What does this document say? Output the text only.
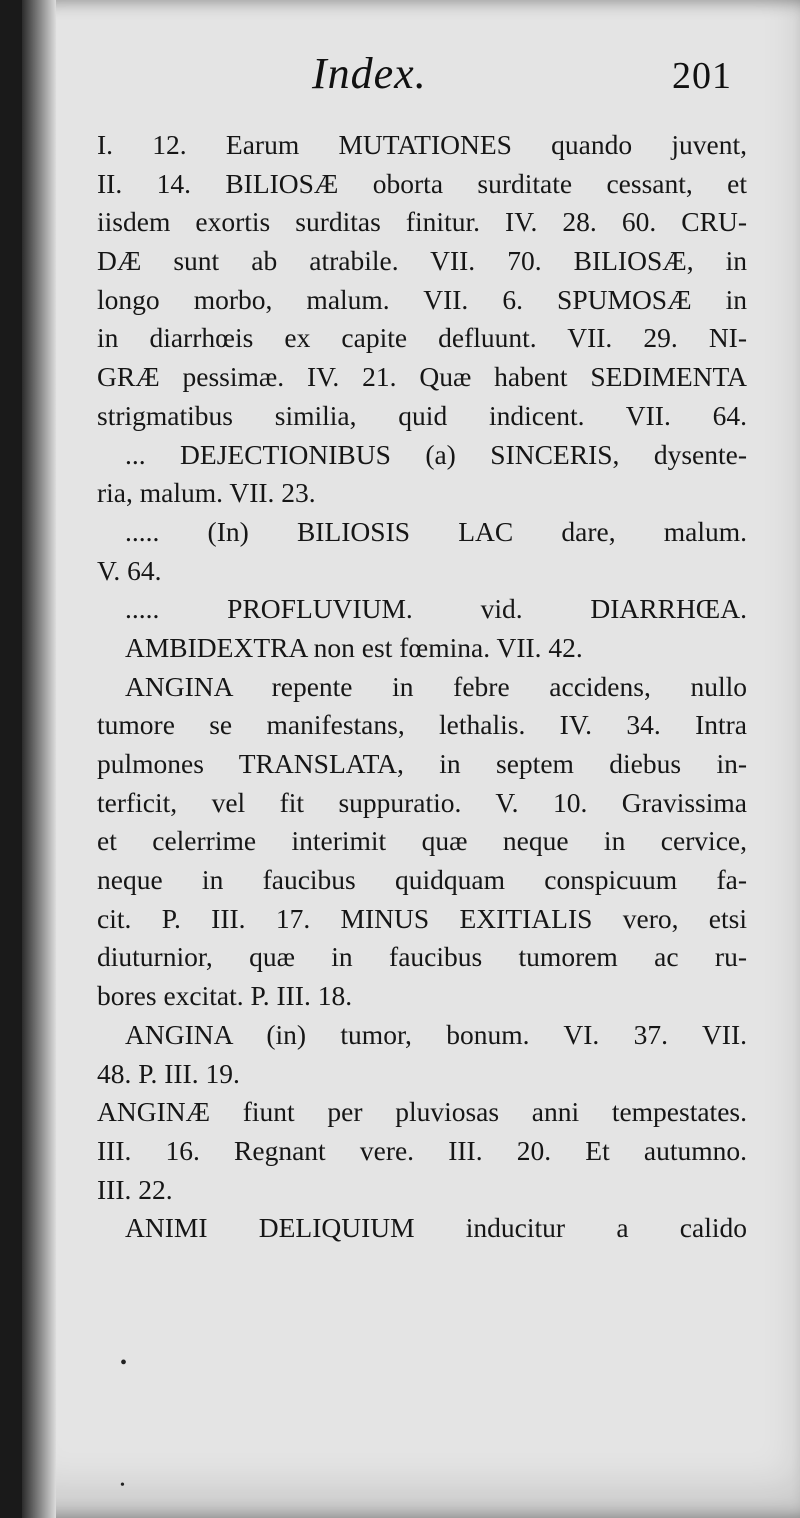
Index.	201
I. 12. Earum MUTATIONES quando juvent,
II. 14. BILIOSÆ oborta surditate cessant, et
iisdem exortis surditas finitur. IV. 28. 60. CRU-
DÆ sunt ab atrabile. VII. 70. BILIOSÆ, in
longo morbo, malum. VII. 6. SPUMOSÆ in
in diarrhœis ex capite defluunt. VII. 29. NI-
GRÆ pessimæ. IV. 21. Quæ habent SEDIMENTA
strigmatibus similia, quid indicent. VII. 64.
... DEJECTIONIBUS (a) SINCERIS, dysente-
ria, malum. VII. 23.
..... (In) BILIOSIS LAC dare, malum.
V. 64.
..... PROFLUVIUM. vid. DIARRHŒA.
AMBIDEXTRA non est fœmina. VII. 42.
ANGINA repente in febre accidens, nullo
tumore se manifestans, lethalis. IV. 34. Intra
pulmones TRANSLATA, in septem diebus in-
terficit, vel fit suppuratio. V. 10. Gravissima
et celerrime interimit quæ neque in cervice,
neque in faucibus quidquam conspicuum fa-
cit. P. III. 17. MINUS EXITIALIS vero, etsi
diuturnior, quæ in faucibus tumorem ac ru-
bores excitat. P. III. 18.
ANGINA (in) tumor, bonum. VI. 37. VII.
48. P. III. 19.
ANGINÆ fiunt per pluviosas anni tempestates.
III. 16. Regnant vere. III. 20. Et autumno.
III. 22.
ANIMI DELIQUIUM inducitur a calido
•
•
